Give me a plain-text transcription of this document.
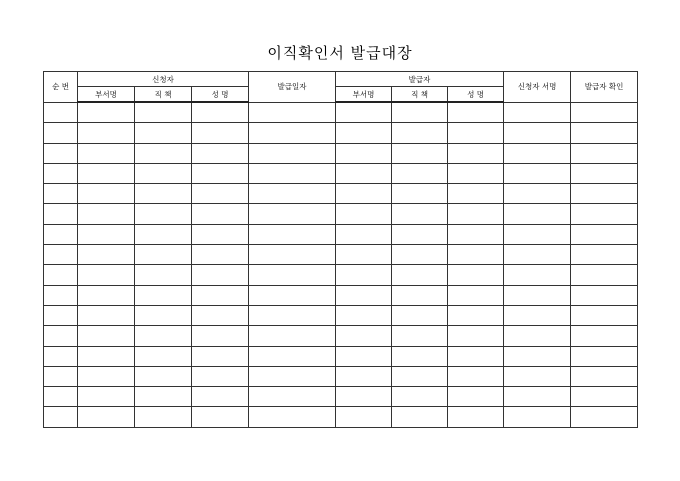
이직확인서 발급대장
순 번	신청자			발급일자	발급자			신청자 서명	발급자 확인
	부서명	직 책	성 명		부서명	직 책	성 명		
